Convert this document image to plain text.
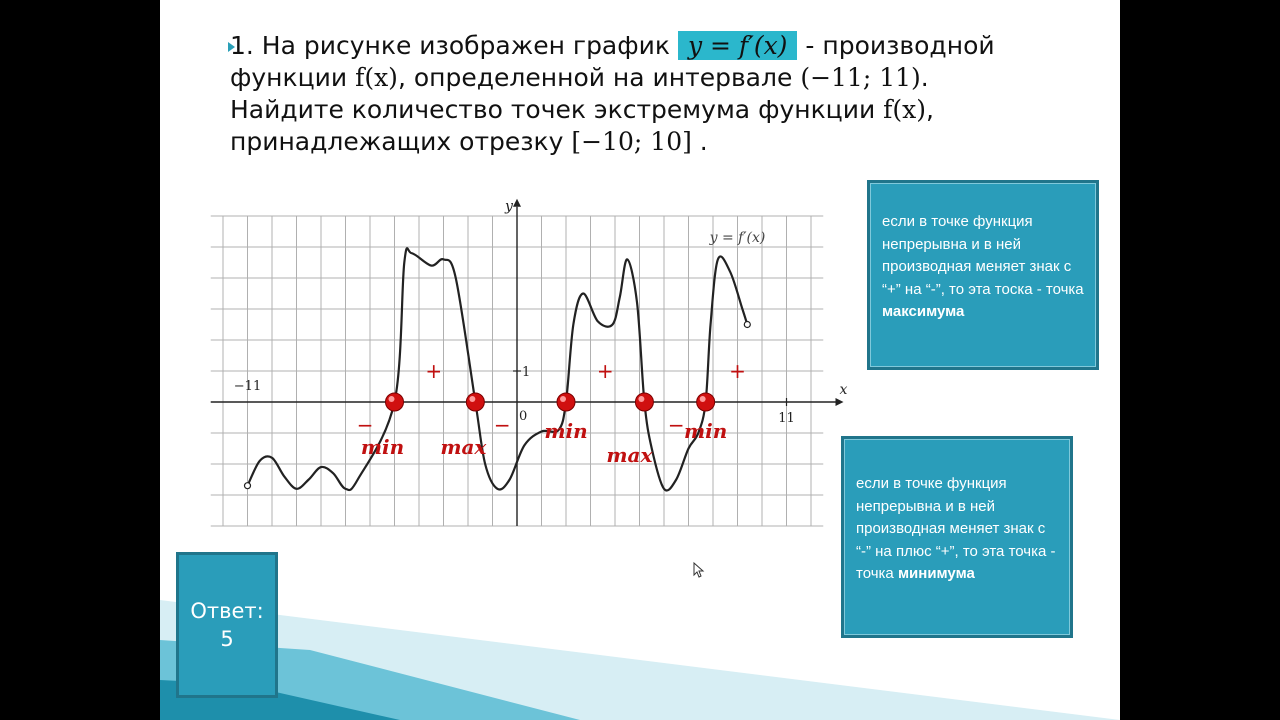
1. На рисунке изображен график y = f′(x) - производной функции f(x), определенной на интервале (−11; 11). Найдите количество точек экстремума функции f(x), принадлежащих отрезку [−10; 10] .
x
y
y = f′(x)
−11
11
0
1
min max
min
max
min
−
+
−
+
−
+
если в точке функция непрерывна и в ней производная меняет знак с “+” на “-”, то эта тоска - точка максимума
если в точке функция непрерывна и в ней производная меняет знак с “-” на плюс “+”, то эта точка - точка минимума
Ответ:
5
